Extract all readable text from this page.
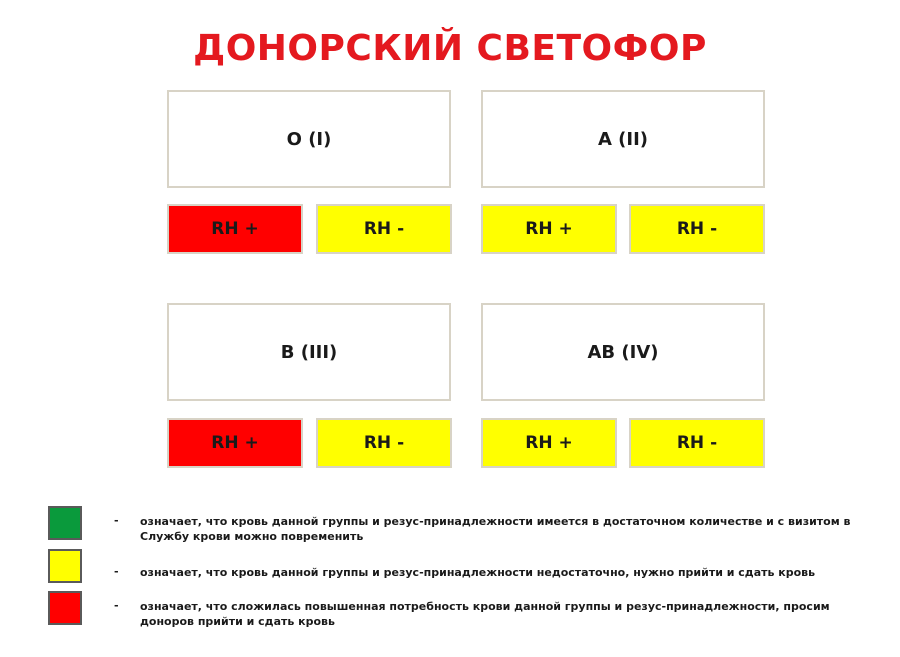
ДОНОРСКИЙ СВЕТОФОР
O (I)
RH +	RH -
A (II)
RH +	RH -
B (III)
RH +	RH -
AB (IV)
RH +	RH -
- означает, что кровь данной группы и резус-принадлежности имеется в достаточном количестве и с визитом в Службу крови можно повременить
- означает, что кровь данной группы и резус-принадлежности недостаточно, нужно прийти и сдать кровь
- означает, что сложилась повышенная потребность крови данной группы и резус-принадлежности, просим доноров прийти и сдать кровь
